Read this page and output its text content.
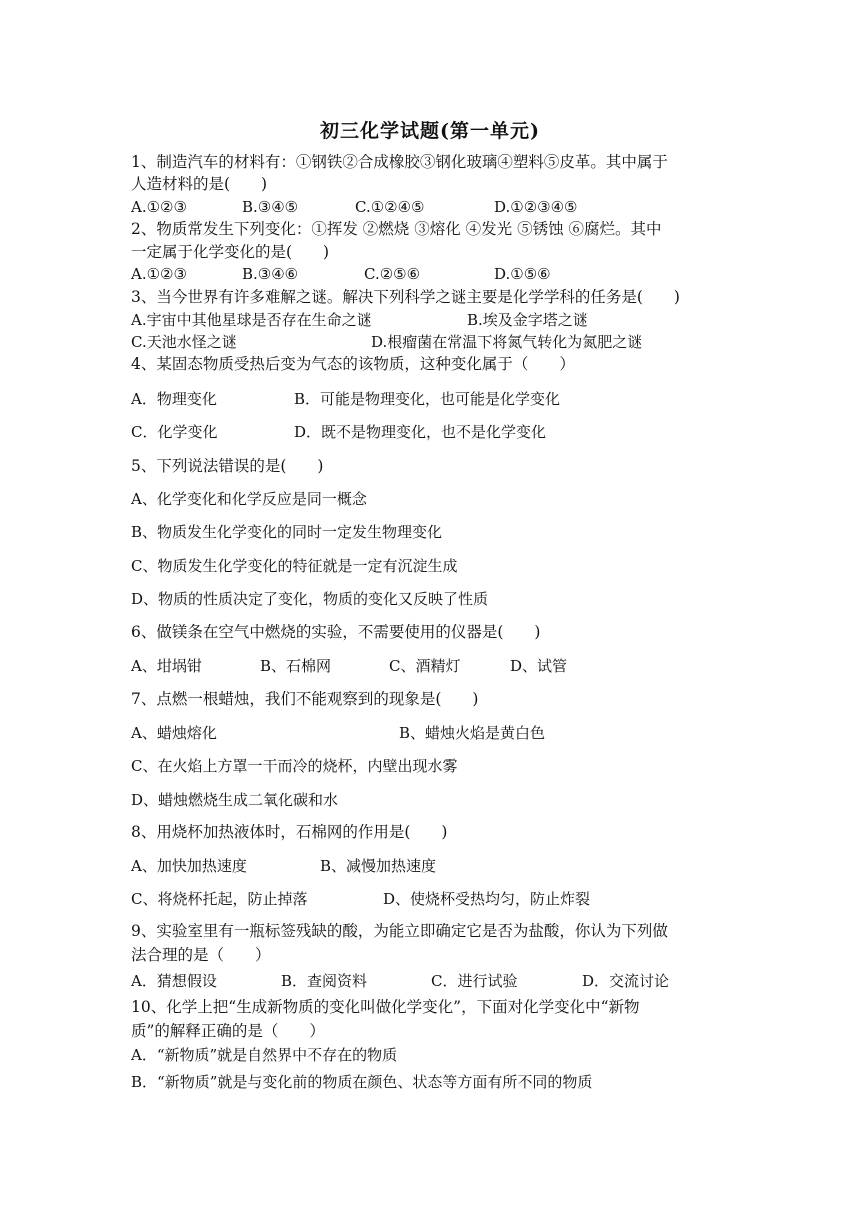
初三化学试题(第一单元)
1、制造汽车的材料有：①钢铁②合成橡胶③钢化玻璃④塑料⑤皮革。其中属于
人造材料的是(　　)
A.①②③	B.③④⑤	C.①②④⑤	D.①②③④⑤
2、物质常发生下列变化：①挥发 ②燃烧 ③熔化 ④发光 ⑤锈蚀 ⑥腐烂。其中
一定属于化学变化的是(　　)
A.①②③	B.③④⑥	C.②⑤⑥	D.①⑤⑥
3、当今世界有许多难解之谜。解决下列科学之谜主要是化学学科的任务是(　　)
A.宇宙中其他星球是否存在生命之谜	B.埃及金字塔之谜
C.天池水怪之谜	D.根瘤菌在常温下将氮气转化为氮肥之谜
4、某固态物质受热后变为气态的该物质，这种变化属于（　　）
A．物理变化	B．可能是物理变化，也可能是化学变化
C．化学变化	D．既不是物理变化，也不是化学变化
5、下列说法错误的是(　　)
A、化学变化和化学反应是同一概念
B、物质发生化学变化的同时一定发生物理变化
C、物质发生化学变化的特征就是一定有沉淀生成
D、物质的性质决定了变化，物质的变化又反映了性质
6、做镁条在空气中燃烧的实验，不需要使用的仪器是(　　)
A、坩埚钳	B、石棉网	C、酒精灯	D、试管
7、点燃一根蜡烛，我们不能观察到的现象是(　　)
A、蜡烛熔化	B、蜡烛火焰是黄白色
C、在火焰上方罩一干而冷的烧杯，内壁出现水雾
D、蜡烛燃烧生成二氧化碳和水
8、用烧杯加热液体时，石棉网的作用是(　　)
A、加快加热速度	B、减慢加热速度
C、将烧杯托起，防止掉落	D、使烧杯受热均匀，防止炸裂
9、实验室里有一瓶标签残缺的酸，为能立即确定它是否为盐酸，你认为下列做
法合理的是（　　）
A．猜想假设	B．查阅资料	C．进行试验	D．交流讨论
10、化学上把“生成新物质的变化叫做化学变化”，下面对化学变化中“新物
质”的解释正确的是（　　）
A．“新物质”就是自然界中不存在的物质
B．“新物质”就是与变化前的物质在颜色、状态等方面有所不同的物质
